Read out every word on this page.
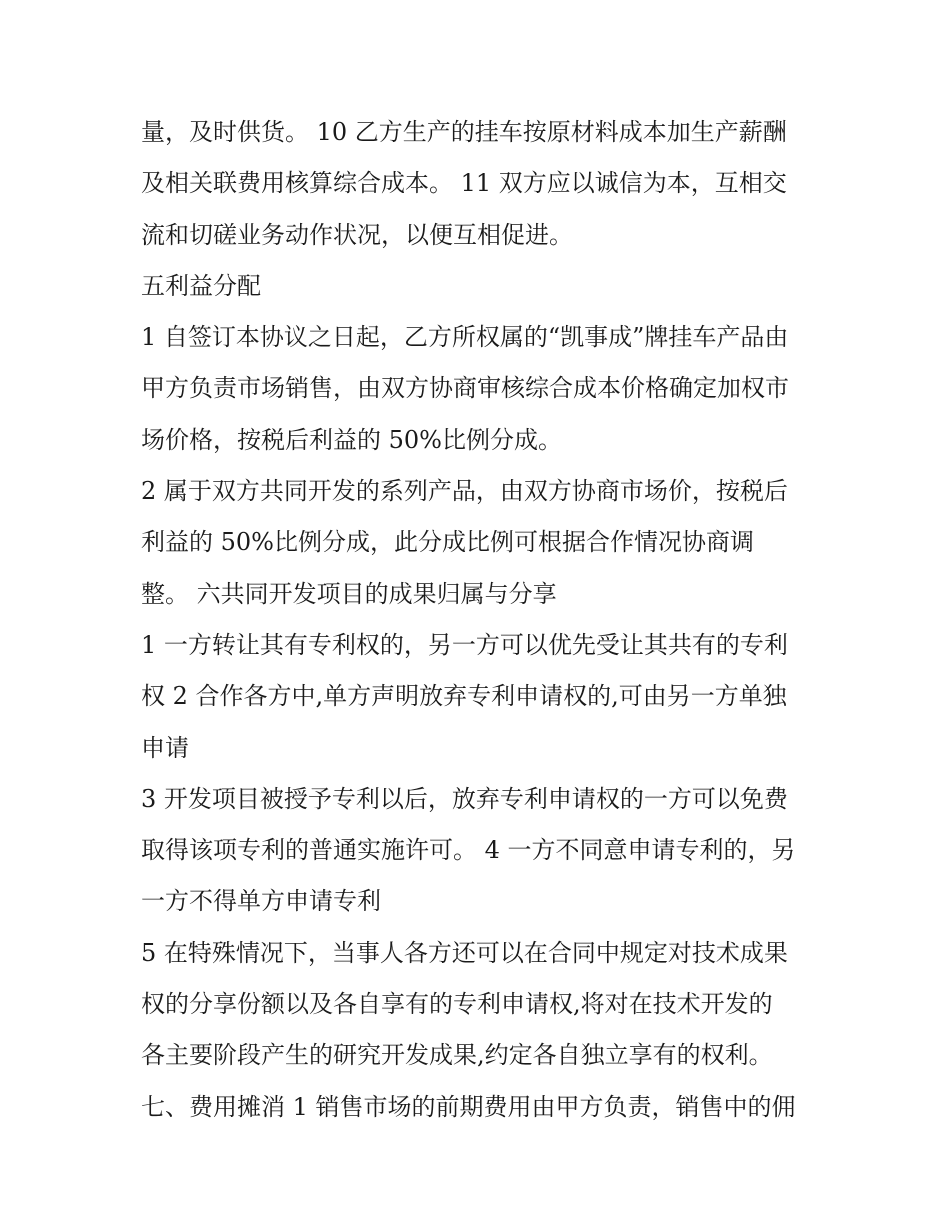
量，及时供货。 10 乙方生产的挂车按原材料成本加生产薪酬
及相关联费用核算综合成本。 11 双方应以诚信为本，互相交
流和切磋业务动作状况，以便互相促进。
五利益分配
1 自签订本协议之日起，乙方所权属的“凯事成”牌挂车产品由
甲方负责市场销售，由双方协商审核综合成本价格确定加权市
场价格，按税后利益的 50%比例分成。
2 属于双方共同开发的系列产品，由双方协商市场价，按税后
利益的 50%比例分成，此分成比例可根据合作情况协商调
整。 六共同开发项目的成果归属与分享
1 一方转让其有专利权的，另一方可以优先受让其共有的专利
权 2 合作各方中,单方声明放弃专利申请权的,可由另一方单独
申请
3 开发项目被授予专利以后，放弃专利申请权的一方可以免费
取得该项专利的普通实施许可。 4 一方不同意申请专利的，另
一方不得单方申请专利
5 在特殊情况下，当事人各方还可以在合同中规定对技术成果
权的分享份额以及各自享有的专利申请权,将对在技术开发的
各主要阶段产生的研究开发成果,约定各自独立享有的权利。
七、费用摊消 1 销售市场的前期费用由甲方负责，销售中的佣
